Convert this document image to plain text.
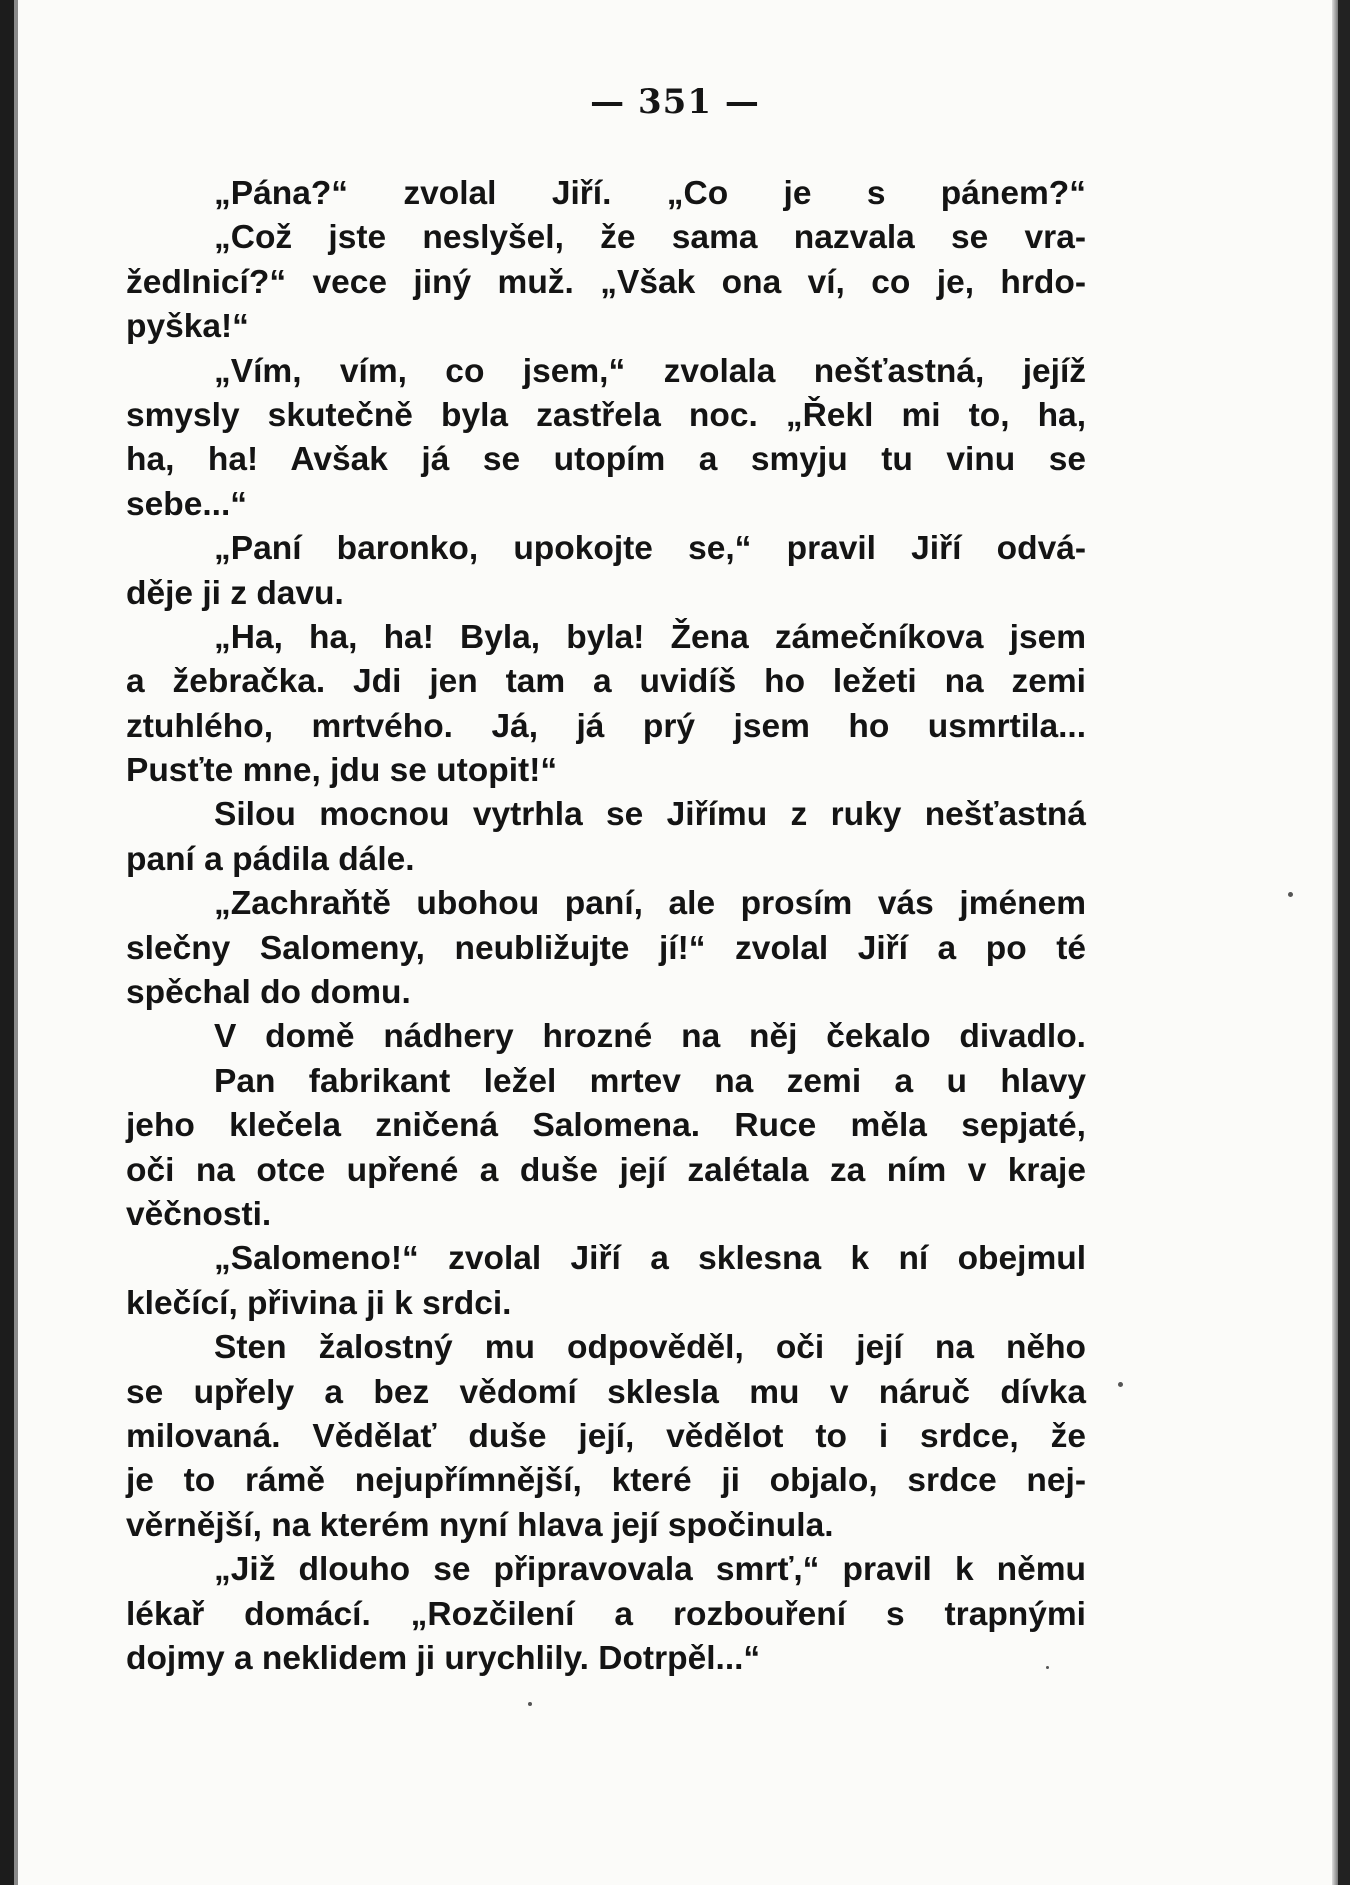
— 351 —
„Pána?“ zvolal Jiří. „Co je s pánem?“
„Což jste neslyšel, že sama nazvala se vra-
žedlnicí?“ vece jiný muž. „Však ona ví, co je, hrdo-
pyška!“
„Vím, vím, co jsem,“ zvolala nešťastná, jejíž
smysly skutečně byla zastřela noc. „Řekl mi to, ha,
ha, ha! Avšak já se utopím a smyju tu vinu se
sebe...“
„Paní baronko, upokojte se,“ pravil Jiří odvá-
děje ji z davu.
„Ha, ha, ha! Byla, byla! Žena zámečníkova jsem
a žebračka. Jdi jen tam a uvidíš ho ležeti na zemi
ztuhlého, mrtvého. Já, já prý jsem ho usmrtila...
Pusťte mne, jdu se utopit!“
Silou mocnou vytrhla se Jiřímu z ruky nešťastná
paní a pádila dále.
„Zachraňtě ubohou paní, ale prosím vás jménem
slečny Salomeny, neubližujte jí!“ zvolal Jiří a po té
spěchal do domu.
V domě nádhery hrozné na něj čekalo divadlo.
Pan fabrikant ležel mrtev na zemi a u hlavy
jeho klečela zničená Salomena. Ruce měla sepjaté,
oči na otce upřené a duše její zalétala za ním v kraje
věčnosti.
„Salomeno!“ zvolal Jiří a sklesna k ní obejmul
klečící, přivina ji k srdci.
Sten žalostný mu odpověděl, oči její na něho
se upřely a bez vědomí sklesla mu v náruč dívka
milovaná. Vědělať duše její, vědělot to i srdce, že
je to rámě nejupřímnější, které ji objalo, srdce nej-
věrnější, na kterém nyní hlava její spočinula.
„Již dlouho se připravovala smrť,“ pravil k němu
lékař domácí. „Rozčilení a rozbouření s trapnými
dojmy a neklidem ji urychlily. Dotrpěl...“
